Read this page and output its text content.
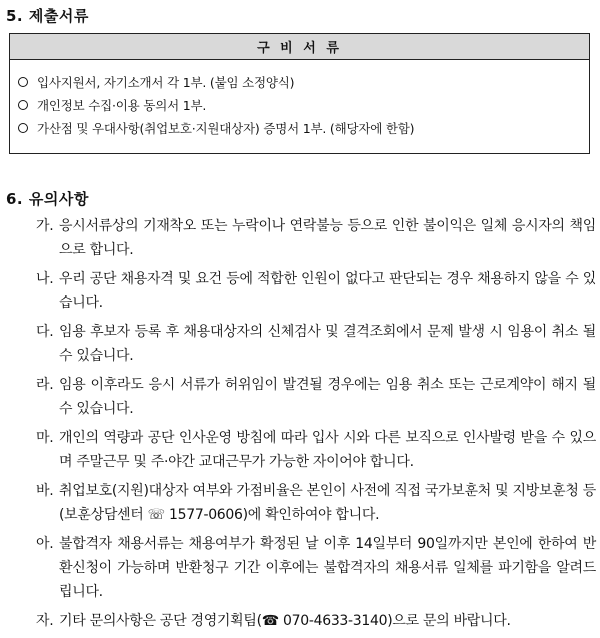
5. 제출서류
구 비 서 류
입사지원서, 자기소개서 각 1부. (붙임 소정양식)
개인정보 수집·이용 동의서 1부.
가산점 및 우대사항(취업보호·지원대상자) 증명서 1부. (해당자에 한함)
6. 유의사항
가. 응시서류상의 기재착오 또는 누락이나 연락불능 등으로 인한 불이익은 일체 응시자의 책임으로 합니다.
나. 우리 공단 채용자격 및 요건 등에 적합한 인원이 없다고 판단되는 경우 채용하지 않을 수 있습니다.
다. 임용 후보자 등록 후 채용대상자의 신체검사 및 결격조회에서 문제 발생 시 임용이 취소 될 수 있습니다.
라. 임용 이후라도 응시 서류가 허위임이 발견될 경우에는 임용 취소 또는 근로계약이 해지 될 수 있습니다.
마. 개인의 역량과 공단 인사운영 방침에 따라 입사 시와 다른 보직으로 인사발령 받을 수 있으며 주말근무 및 주·야간 교대근무가 가능한 자이어야 합니다.
바. 취업보호(지원)대상자 여부와 가점비율은 본인이 사전에 직접 국가보훈처 및 지방보훈청 등(보훈상담센터 ☏ 1577-0606)에 확인하여야 합니다.
아. 불합격자 채용서류는 채용여부가 확정된 날 이후 14일부터 90일까지만 본인에 한하여 반환신청이 가능하며 반환청구 기간 이후에는 불합격자의 채용서류 일체를 파기함을 알려드립니다.
자. 기타 문의사항은 공단 경영기획팀(☎ 070-4633-3140)으로 문의 바랍니다.
